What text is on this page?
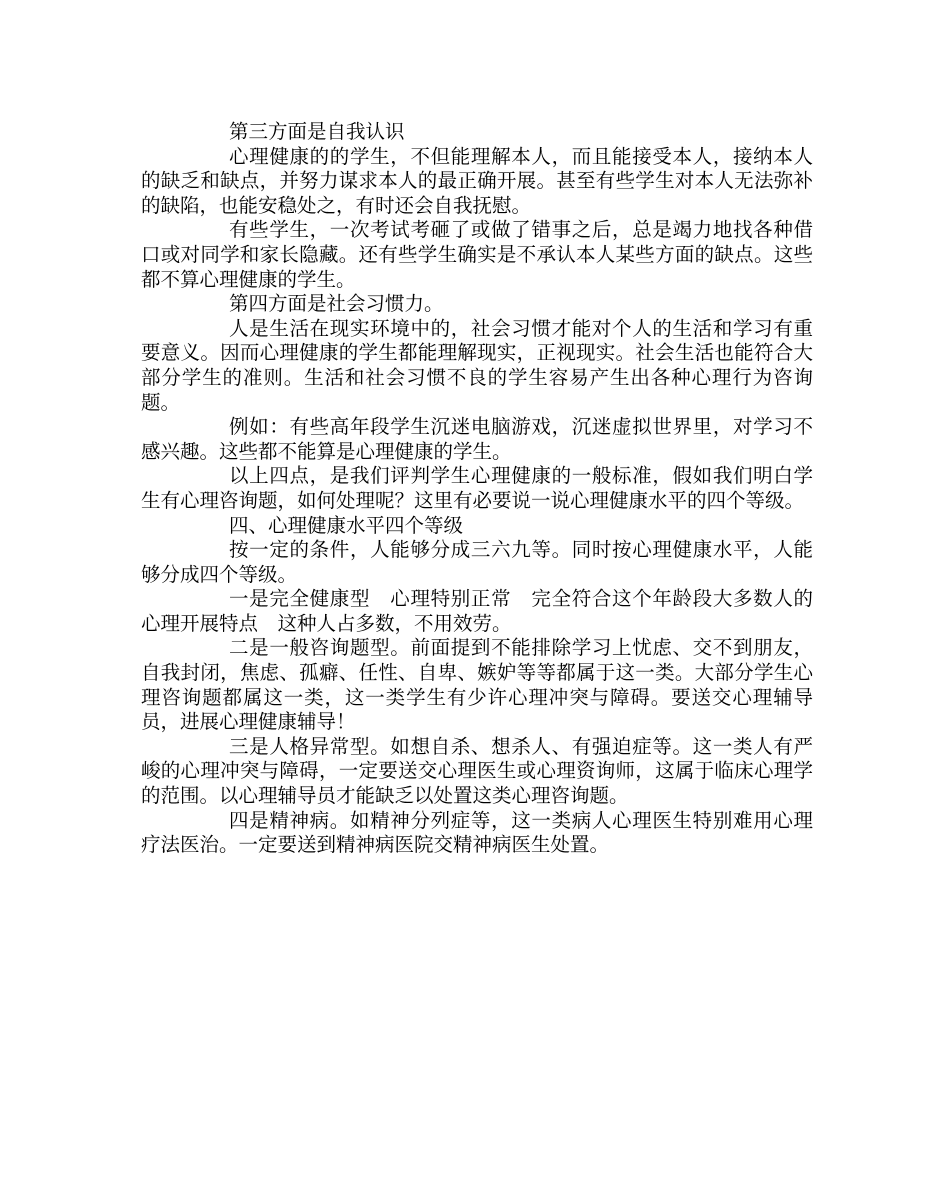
第三方面是自我认识

心理健康的的学生，不但能理解本人，而且能接受本人，接纳本人的缺乏和缺点，并努力谋求本人的最正确开展。甚至有些学生对本人无法弥补的缺陷，也能安稳处之，有时还会自我抚慰。

有些学生，一次考试考砸了或做了错事之后，总是竭力地找各种借口或对同学和家长隐藏。还有些学生确实是不承认本人某些方面的缺点。这些都不算心理健康的学生。

第四方面是社会习惯力。

人是生活在现实环境中的，社会习惯才能对个人的生活和学习有重要意义。因而心理健康的学生都能理解现实，正视现实。社会生活也能符合大部分学生的准则。生活和社会习惯不良的学生容易产生出各种心理行为咨询题。

例如：有些高年段学生沉迷电脑游戏，沉迷虚拟世界里，对学习不感兴趣。这些都不能算是心理健康的学生。

以上四点，是我们评判学生心理健康的一般标准，假如我们明白学生有心理咨询题，如何处理呢？这里有必要说一说心理健康水平的四个等级。

四、心理健康水平四个等级

按一定的条件，人能够分成三六九等。同时按心理健康水平，人能够分成四个等级。

一是完全健康型　心理特别正常　完全符合这个年龄段大多数人的心理开展特点　这种人占多数，不用效劳。

二是一般咨询题型。前面提到不能排除学习上忧虑、交不到朋友，自我封闭，焦虑、孤癖、任性、自卑、嫉妒等等都属于这一类。大部分学生心理咨询题都属这一类，这一类学生有少许心理冲突与障碍。要送交心理辅导员，进展心理健康辅导！

三是人格异常型。如想自杀、想杀人、有强迫症等。这一类人有严峻的心理冲突与障碍，一定要送交心理医生或心理资询师，这属于临床心理学的范围。以心理辅导员才能缺乏以处置这类心理咨询题。

四是精神病。如精神分列症等，这一类病人心理医生特别难用心理疗法医治。一定要送到精神病医院交精神病医生处置。
